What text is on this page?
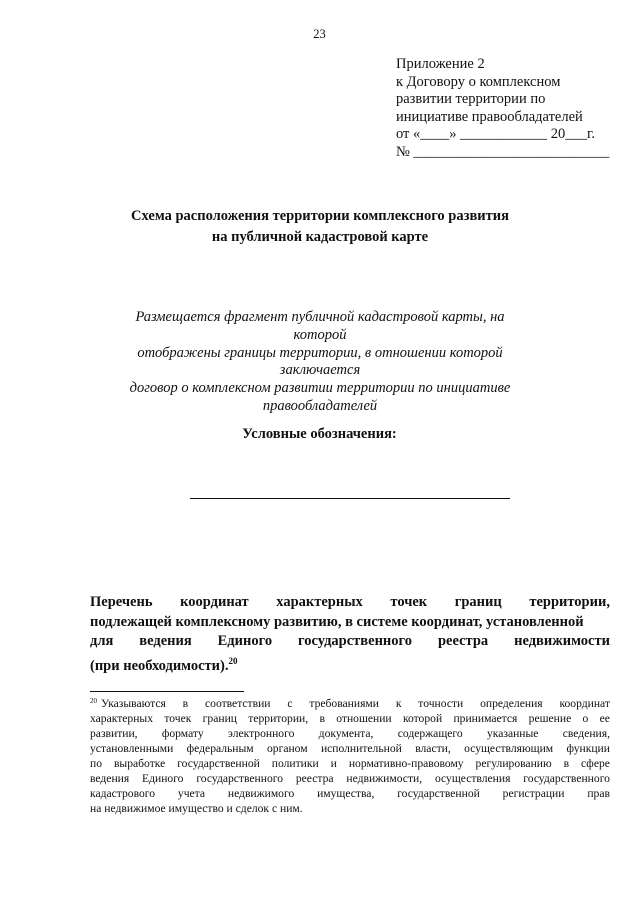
23
Приложение 2
к Договору о комплексном
развитии территории по
инициативе правообладателей
от «____» ____________ 20___г.
№ ___________________________
Схема расположения территории комплексного развития
на публичной кадастровой карте
Размещается фрагмент публичной кадастровой карты, на которой
отображены границы территории, в отношении которой заключается
договор о комплексном развитии территории по инициативе
правообладателей
Условные обозначения:
Перечень координат характерных точек границ территории,
подлежащей комплексному развитию, в системе координат, установленной
для ведения Единого государственного реестра недвижимости
(при необходимости).$^{20}$
$^{20}$ Указываются в соответствии с требованиями к точности определения координат
характерных точек границ территории, в отношении которой принимается решение о ее
развитии, формату электронного документа, содержащего указанные сведения,
установленными федеральным органом исполнительной власти, осуществляющим функции
по выработке государственной политики и нормативно-правовому регулированию в сфере
ведения Единого государственного реестра недвижимости, осуществления государственного
кадастрового учета недвижимого имущества, государственной регистрации прав
на недвижимое имущество и сделок с ним.
